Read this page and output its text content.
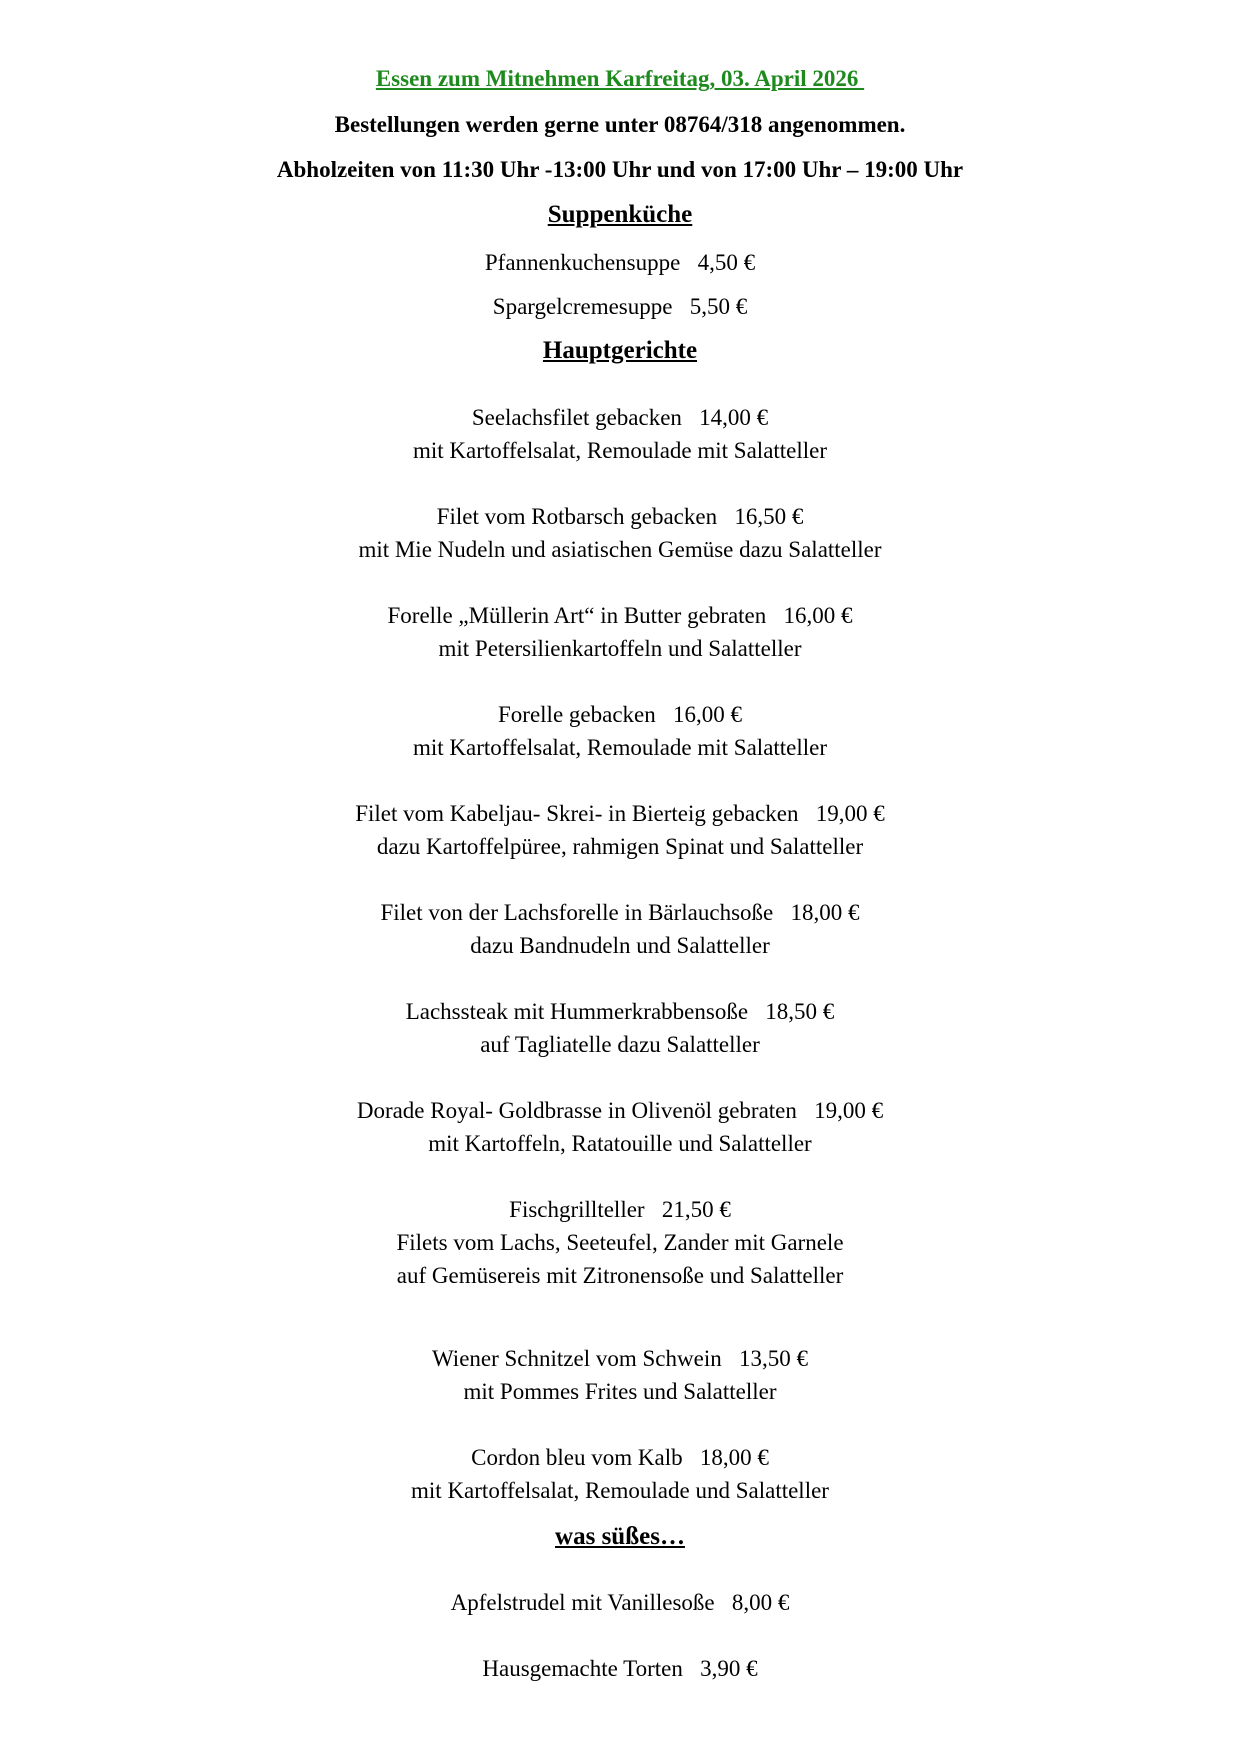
Essen zum Mitnehmen Karfreitag, 03. April 2026
Bestellungen werden gerne unter 08764/318 angenommen.
Abholzeiten von 11:30 Uhr -13:00 Uhr und von 17:00 Uhr – 19:00 Uhr
Suppenküche
Pfannenkuchensuppe 4,50 €
Spargelcremesuppe 5,50 €
Hauptgerichte
Seelachsfilet gebacken 14,00 €
mit Kartoffelsalat, Remoulade mit Salatteller
Filet vom Rotbarsch gebacken 16,50 €
mit Mie Nudeln und asiatischen Gemüse dazu Salatteller
Forelle „Müllerin Art“ in Butter gebraten 16,00 €
mit Petersilienkartoffeln und Salatteller
Forelle gebacken 16,00 €
mit Kartoffelsalat, Remoulade mit Salatteller
Filet vom Kabeljau- Skrei- in Bierteig gebacken 19,00 €
dazu Kartoffelpüree, rahmigen Spinat und Salatteller
Filet von der Lachsforelle in Bärlauchsoße 18,00 €
dazu Bandnudeln und Salatteller
Lachssteak mit Hummerkrabbensoße 18,50 €
auf Tagliatelle dazu Salatteller
Dorade Royal- Goldbrasse in Olivenöl gebraten 19,00 €
mit Kartoffeln, Ratatouille und Salatteller
Fischgrillteller 21,50 €
Filets vom Lachs, Seeteufel, Zander mit Garnele
auf Gemüsereis mit Zitronensoße und Salatteller
Wiener Schnitzel vom Schwein 13,50 €
mit Pommes Frites und Salatteller
Cordon bleu vom Kalb 18,00 €
mit Kartoffelsalat, Remoulade und Salatteller
was süßes…
Apfelstrudel mit Vanillesoße 8,00 €
Hausgemachte Torten 3,90 €
